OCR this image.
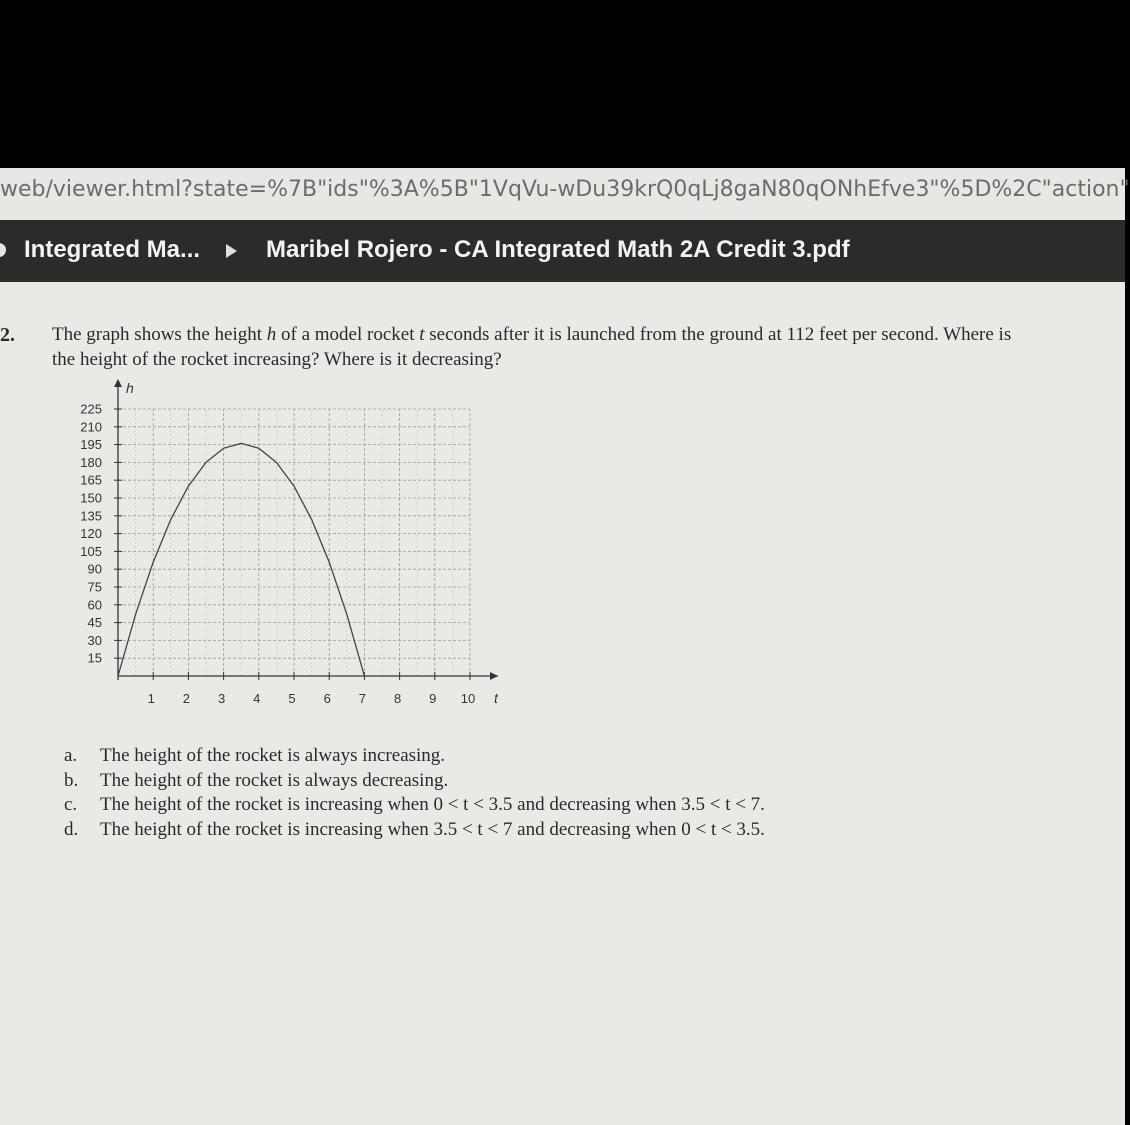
web/viewer.html?state=%7B"ids"%3A%5B"1VqVu-wDu39krQ0qLj8gaN80qONhEfve3"%5D%2C"action"
Integrated Ma...	Maribel Rojero - CA Integrated Math 2A Credit 3.pdf
2. The graph shows the height h of a model rocket t seconds after it is launched from the ground at 112 feet per second. Where is the height of the rocket increasing? Where is it decreasing?
1 2 3 4 5 6 7 8 9 10
15
30
45
60
75
90
105
120
135
150
165
180
195
210
225
t
h
a. The height of the rocket is always increasing.
b. The height of the rocket is always decreasing.
c. The height of the rocket is increasing when 0 < t < 3.5 and decreasing when 3.5 < t < 7.
d. The height of the rocket is increasing when 3.5 < t < 7 and decreasing when 0 < t < 3.5.
